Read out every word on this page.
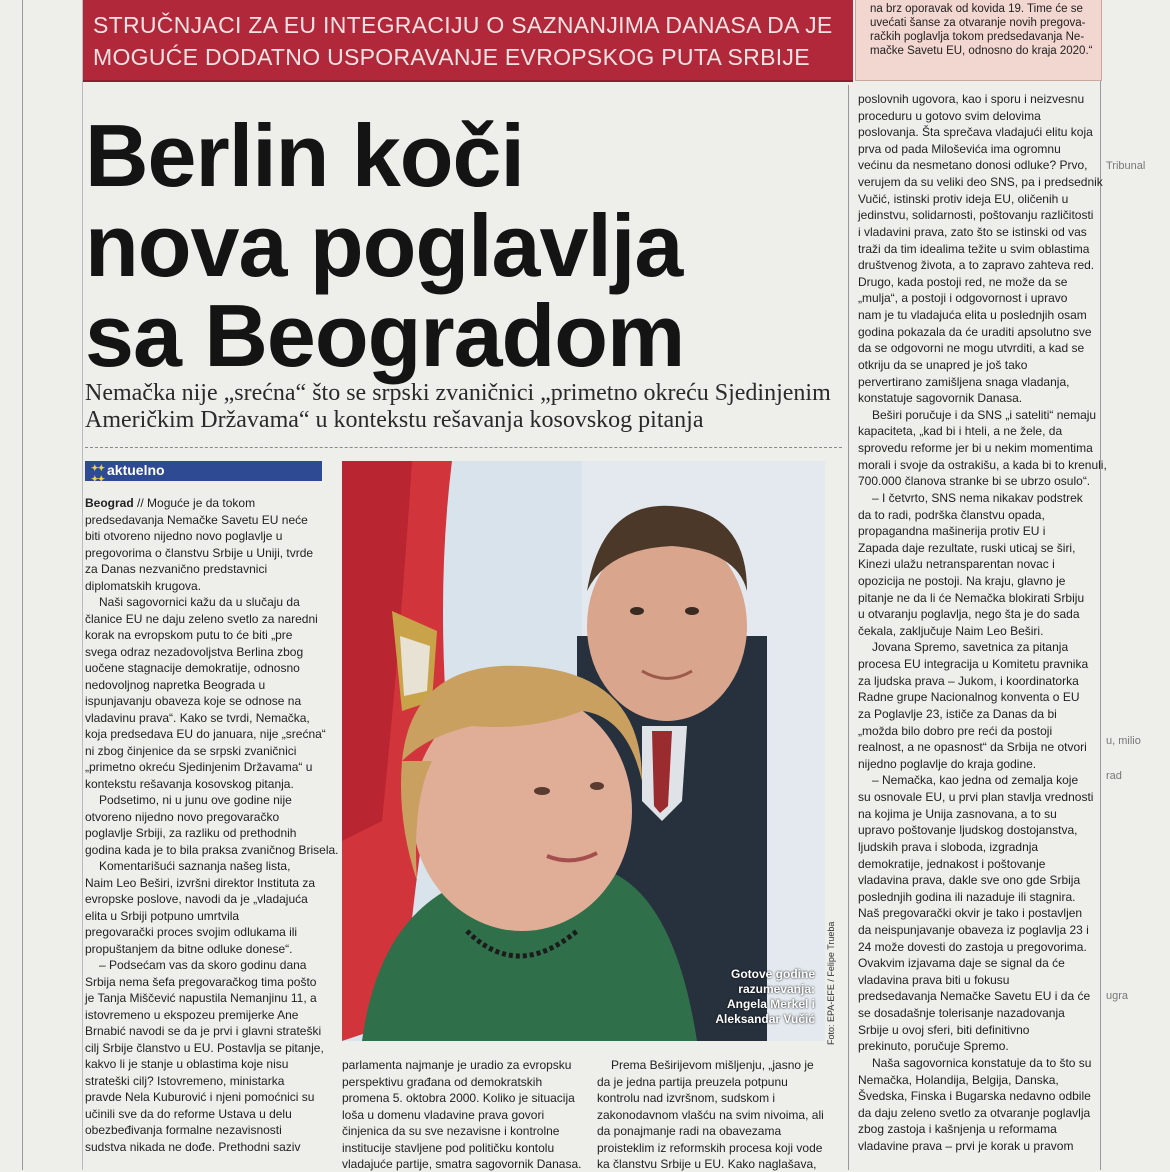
STRUČNJACI ZA EU INTEGRACIJU O SAZNANJIMA DANASA DA JE
MOGUĆE DODATNO USPORAVANJE EVROPSKOG PUTA SRBIJE
na brz oporavak od kovida 19. Time će se
uvećati šanse za otvaranje novih pregova-
račkih poglavlja tokom predsedavanja Ne-
mačke Savetu EU, odnosno do kraja 2020.“
Berlin koči
nova poglavlja
sa Beogradom
Nemačka nije „srećna“ što se srpski zvaničnici „primetno okreću Sjedinjenim
Američkim Državama“ u kontekstu rešavanja kosovskog pitanja
✦✦
✦✦
aktuelno
Gotove godine
razumevanja:
Angela Merkel i
Aleksandar Vučić Foto: EPA-EFE / Felipe Trueba
Beograd // Moguće je da tokom
predsedavanja Nemačke Savetu EU neće
biti otvoreno nijedno novo poglavlje u
pregovorima o članstvu Srbije u Uniji, tvrde
za Danas nezvanično predstavnici
diplomatskih krugova.
Naši sagovornici kažu da u slučaju da
članice EU ne daju zeleno svetlo za naredni
korak na evropskom putu to će biti „pre
svega odraz nezadovoljstva Berlina zbog
uočene stagnacije demokratije, odnosno
nedovoljnog napretka Beograda u
ispunjavanju obaveza koje se odnose na
vladavinu prava“. Kako se tvrdi, Nemačka,
koja predsedava EU do januara, nije „srećna“
ni zbog činjenice da se srpski zvaničnici
„primetno okreću Sjedinjenim Državama“ u
kontekstu rešavanja kosovskog pitanja.
Podsetimo, ni u junu ove godine nije
otvoreno nijedno novo pregovaračko
poglavlje Srbiji, za razliku od prethodnih
godina kada je to bila praksa zvaničnog Brisela.
Komentarišući saznanja našeg lista,
Naim Leo Beširi, izvršni direktor Instituta za
evropske poslove, navodi da je „vladajuća
elita u Srbiji potpuno umrtvila
pregovarački proces svojim odlukama ili
propuštanjem da bitne odluke donese“.
– Podsećam vas da skoro godinu dana
Srbija nema šefa pregovaračkog tima pošto
je Tanja Miščević napustila Nemanjinu 11, a
istovremeno u ekspozeu premijerke Ane
Brnabić navodi se da je prvi i glavni strateški
cilj Srbije članstvo u EU. Postavlja se pitanje,
kakvo li je stanje u oblastima koje nisu
strateški cilj? Istovremeno, ministarka
pravde Nela Kuburović i njeni pomoćnici su
učinili sve da do reforme Ustava u delu
obezbeđivanja formalne nezavisnosti
sudstva nikada ne dođe. Prethodni saziv
parlamenta najmanje je uradio za evropsku
perspektivu građana od demokratskih
promena 5. oktobra 2000. Koliko je situacija
loša u domenu vladavine prava govori
činjenica da su sve nezavisne i kontrolne
institucije stavljene pod političku kontolu
vladajuće partije, smatra sagovornik Danasa.
Prema Beširijevom mišljenju, „jasno je
da je jedna partija preuzela potpunu
kontrolu nad izvršnom, sudskom i
zakonodavnom vlašću na svim nivoima, ali
da ponajmanje radi na obavezama
proisteklim iz reformskih procesa koji vode
ka članstvu Srbije u EU. Kako naglašava,
poslovnih ugovora, kao i sporu i neizvesnu
proceduru u gotovo svim delovima
poslovanja. Šta sprečava vladajući elitu koja
prva od pada Miloševića ima ogromnu
većinu da nesmetano donosi odluke? Prvo,
verujem da su veliki deo SNS, pa i predsednik
Vučić, istinski protiv ideja EU, oličenih u
jedinstvu, solidarnosti, poštovanju različitosti
i vladavini prava, zato što se istinski od vas
traži da tim idealima težite u svim oblastima
društvenog života, a to zapravo zahteva red.
Drugo, kada postoji red, ne može da se
„mulja“, a postoji i odgovornost i upravo
nam je tu vladajuća elita u poslednjih osam
godina pokazala da će uraditi apsolutno sve
da se odgovorni ne mogu utvrditi, a kad se
otkriju da se unapred je još tako
pervertirano zamišljena snaga vladanja,
konstatuje sagovornik Danasa.
Beširi poručuje i da SNS „i sateliti“ nemaju
kapaciteta, „kad bi i hteli, a ne žele, da
sprovedu reforme jer bi u nekim momentima
morali i svoje da ostrakišu, a kada bi to krenuli,
700.000 članova stranke bi se ubrzo osulo“.
– I četvrto, SNS nema nikakav podstrek
da to radi, podrška članstvu opada,
propagandna mašinerija protiv EU i
Zapada daje rezultate, ruski uticaj se širi,
Kinezi ulažu netransparentan novac i
opozicija ne postoji. Na kraju, glavno je
pitanje ne da li će Nemačka blokirati Srbiju
u otvaranju poglavlja, nego šta je do sada
čekala, zaključuje Naim Leo Beširi.
Jovana Spremo, savetnica za pitanja
procesa EU integracija u Komitetu pravnika
za ljudska prava – Jukom, i koordinatorka
Radne grupe Nacionalnog konventa o EU
za Poglavlje 23, ističe za Danas da bi
„možda bilo dobro pre reći da postoji
realnost, a ne opasnost“ da Srbija ne otvori
nijedno poglavlje do kraja godine.
– Nemačka, kao jedna od zemalja koje
su osnovale EU, u prvi plan stavlja vrednosti
na kojima je Unija zasnovana, a to su
upravo poštovanje ljudskog dostojanstva,
ljudskih prava i sloboda, izgradnja
demokratije, jednakost i poštovanje
vladavina prava, dakle sve ono gde Srbija
poslednjih godina ili nazaduje ili stagnira.
Naš pregovarački okvir je tako i postavljen
da neispunjavanje obaveza iz poglavlja 23 i
24 može dovesti do zastoja u pregovorima.
Ovakvim izjavama daje se signal da će
vladavina prava biti u fokusu
predsedavanja Nemačke Savetu EU i da će
se dosadašnje tolerisanje nazadovanja
Srbije u ovoj sferi, biti definitivno
prekinuto, poručuje Spremo.
Naša sagovornica konstatuje da to što su
Nemačka, Holandija, Belgija, Danska,
Švedska, Finska i Bugarska nedavno odbile
da daju zeleno svetlo za otvaranje poglavlja
zbog zastoja i kašnjenja u reformama
vladavine prava – prvi je korak u pravom
Tribunal
u, milio
rad
ugra
